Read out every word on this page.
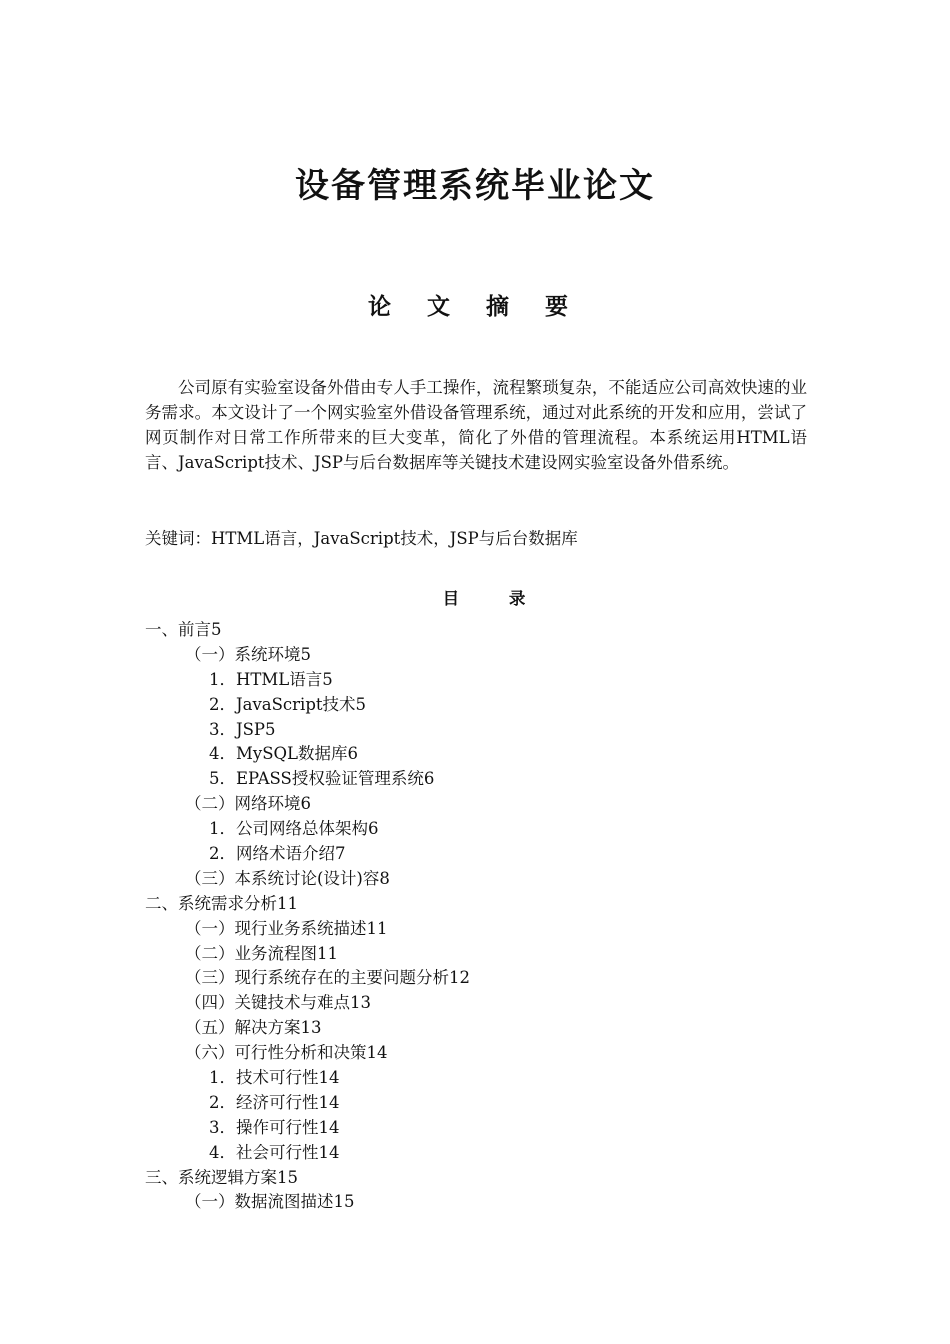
设备管理系统毕业论文
论 文 摘 要

公司原有实验室设备外借由专人手工操作，流程繁琐复杂，不能适应公司高效快速的业务需求。本文设计了一个网实验室外借设备管理系统，通过对此系统的开发和应用，尝试了网页制作对日常工作所带来的巨大变革，简化了外借的管理流程。本系统运用HTML语言、JavaScript技术、JSP与后台数据库等关键技术建设网实验室设备外借系统。

关键词：HTML语言，JavaScript技术，JSP与后台数据库

目 录
一、前言5
（一）系统环境5
1．HTML语言5
2．JavaScript技术5
3．JSP5
4．MySQL数据库6
5．EPASS授权验证管理系统6
（二）网络环境6
1．公司网络总体架构6
2．网络术语介绍7
（三）本系统讨论(设计)容8
二、系统需求分析11
（一）现行业务系统描述11
（二）业务流程图11
（三）现行系统存在的主要问题分析12
（四）关键技术与难点13
（五）解决方案13
（六）可行性分析和决策14
1．技术可行性14
2．经济可行性14
3．操作可行性14
4．社会可行性14
三、系统逻辑方案15
（一）数据流图描述15
